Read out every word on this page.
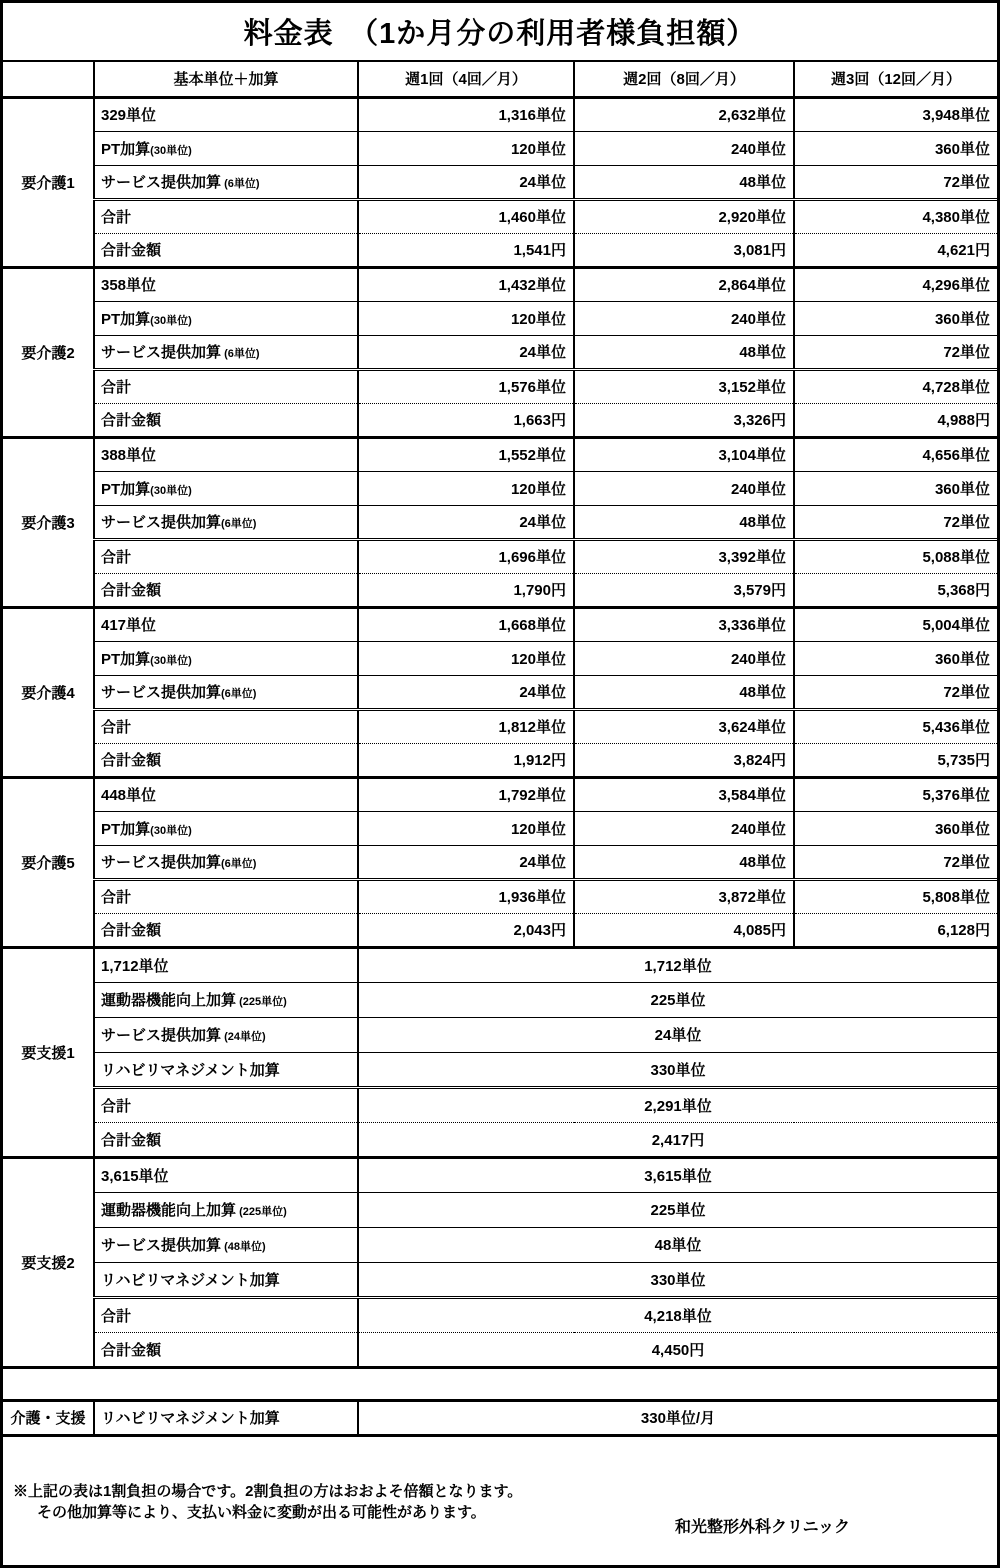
料金表　（1か月分の利用者様負担額）
	基本単位＋加算	週1回（4回／月）	週2回（8回／月）	週3回（12回／月）
要介護1	329単位	1,316単位	2,632単位	3,948単位
	PT加算(30単位)	120単位	240単位	360単位
	サービス提供加算 (6単位)	24単位	48単位	72単位
	合計	1,460単位	2,920単位	4,380単位
	合計金額	1,541円	3,081円	4,621円
要介護2	358単位	1,432単位	2,864単位	4,296単位
	PT加算(30単位)	120単位	240単位	360単位
	サービス提供加算 (6単位)	24単位	48単位	72単位
	合計	1,576単位	3,152単位	4,728単位
	合計金額	1,663円	3,326円	4,988円
要介護3	388単位	1,552単位	3,104単位	4,656単位
	PT加算(30単位)	120単位	240単位	360単位
	サービス提供加算(6単位)	24単位	48単位	72単位
	合計	1,696単位	3,392単位	5,088単位
	合計金額	1,790円	3,579円	5,368円
要介護4	417単位	1,668単位	3,336単位	5,004単位
	PT加算(30単位)	120単位	240単位	360単位
	サービス提供加算(6単位)	24単位	48単位	72単位
	合計	1,812単位	3,624単位	5,436単位
	合計金額	1,912円	3,824円	5,735円
要介護5	448単位	1,792単位	3,584単位	5,376単位
	PT加算(30単位)	120単位	240単位	360単位
	サービス提供加算(6単位)	24単位	48単位	72単位
	合計	1,936単位	3,872単位	5,808単位
	合計金額	2,043円	4,085円	6,128円
要支援1	1,712単位	1,712単位		
	運動器機能向上加算 (225単位)	225単位		
	サービス提供加算 (24単位)	24単位		
	リハビリマネジメント加算	330単位		
	合計	2,291単位		
	合計金額	2,417円		
要支援2	3,615単位	3,615単位		
	運動器機能向上加算 (225単位)	225単位		
	サービス提供加算 (48単位)	48単位		
	リハビリマネジメント加算	330単位		
	合計	4,218単位		
	合計金額	4,450円		

介護・支援	リハビリマネジメント加算	330単位/月		
※上記の表は1割負担の場合です。2割負担の方はおおよそ倍額となります。
その他加算等により、支払い料金に変動が出る可能性があります。
和光整形外科クリニック
